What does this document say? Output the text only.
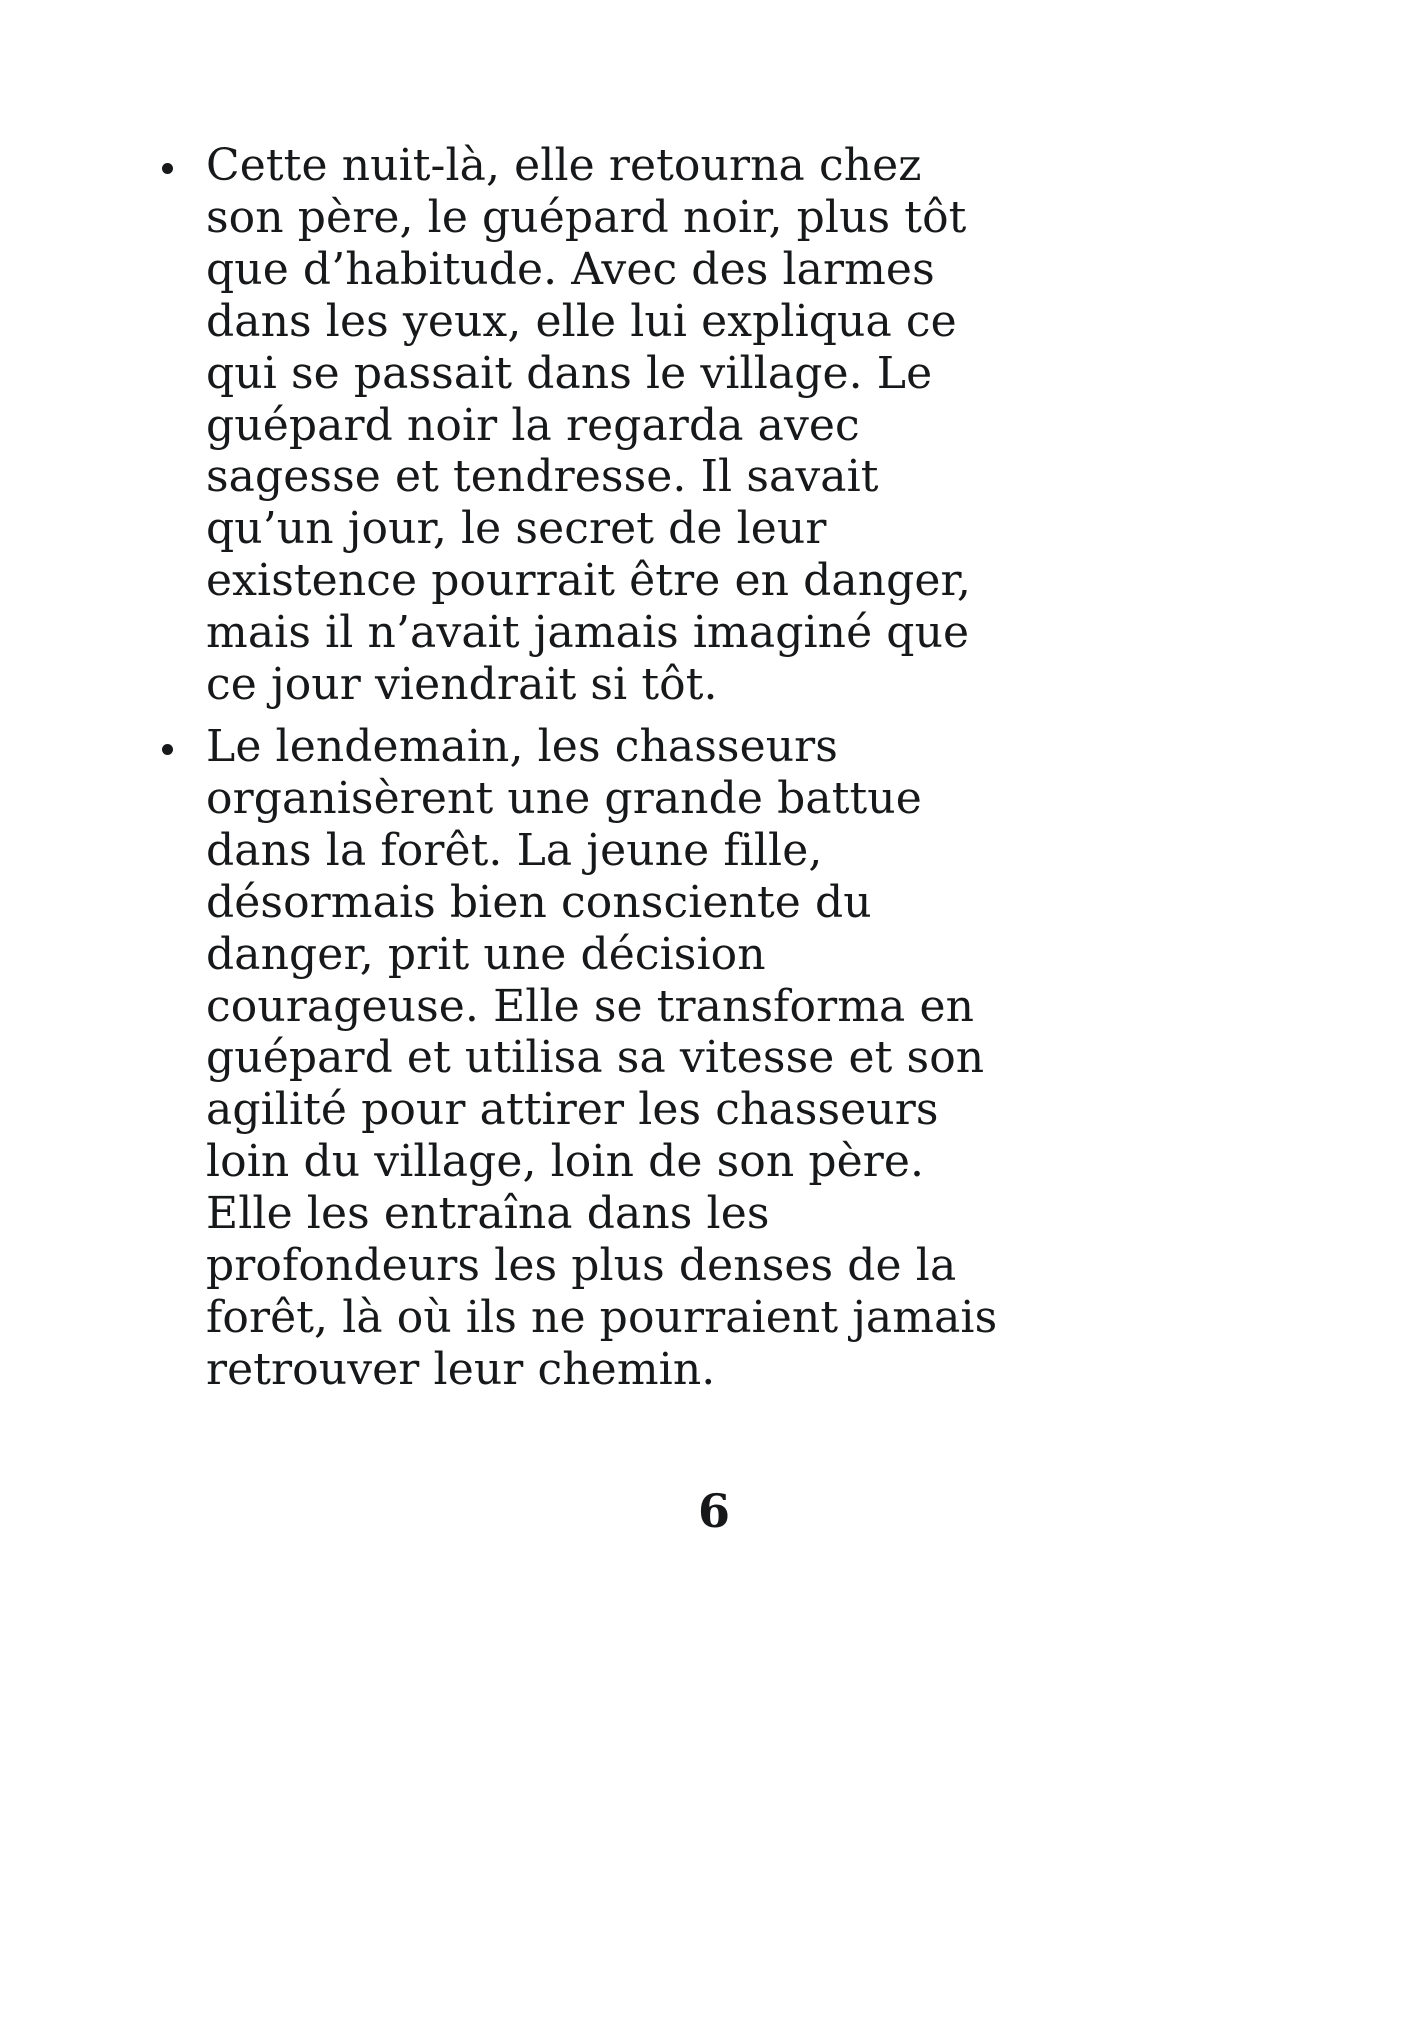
Cette nuit-là, elle retourna chez son père, le guépard noir, plus tôt que d’habitude. Avec des larmes dans les yeux, elle lui expliqua ce qui se passait dans le village. Le guépard noir la regarda avec sagesse et tendresse. Il savait qu’un jour, le secret de leur existence pourrait être en danger, mais il n’avait jamais imaginé que ce jour viendrait si tôt.
Le lendemain, les chasseurs organisèrent une grande battue dans la forêt. La jeune fille, désormais bien consciente du danger, prit une décision courageuse. Elle se transforma en guépard et utilisa sa vitesse et son agilité pour attirer les chasseurs loin du village, loin de son père. Elle les entraîna dans les profondeurs les plus denses de la forêt, là où ils ne pourraient jamais retrouver leur chemin.
6
